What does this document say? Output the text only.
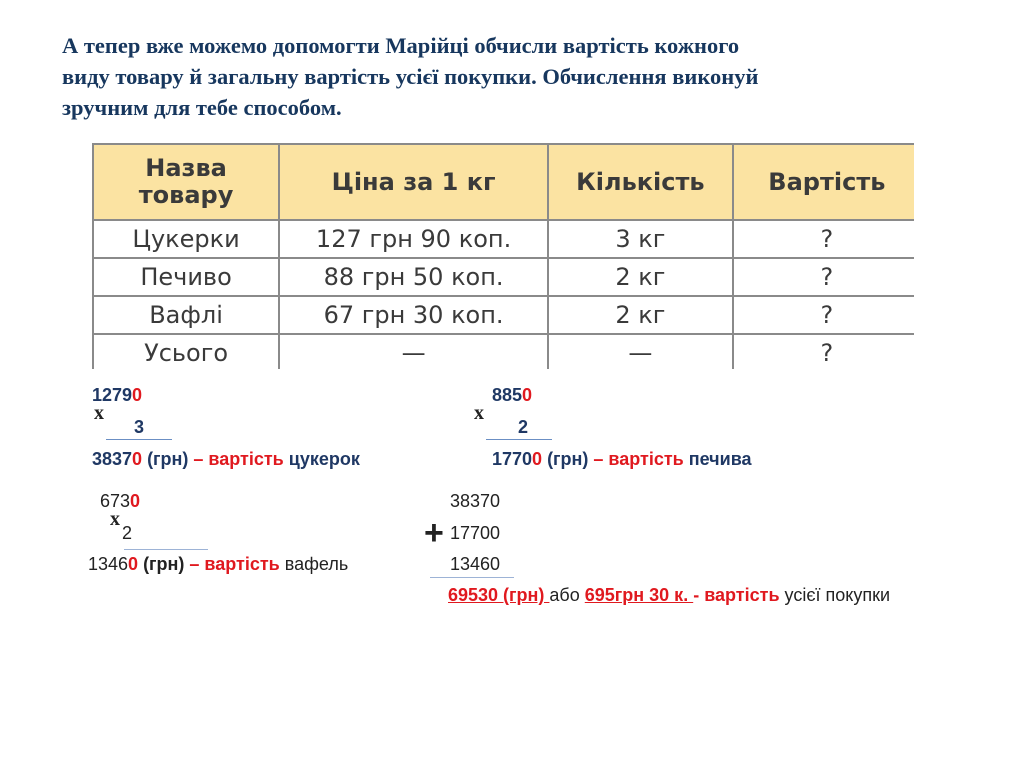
А тепер вже можемо допомогти Марійці обчисли вартість кожного
виду товару й загальну вартість усієї покупки. Обчислення виконуй
зручним для тебе способом.
Назва товару	Ціна за 1 кг	Кількість	Вартість
Цукерки	127 грн 90 коп.	3 кг	?
Печиво	88 грн 50 коп.	2 кг	?
Вафлі	67 грн 30 коп.	2 кг	?
Усього	—	—	?
12790
x
3
38370 (грн) – вартість цукерок
8850
x
2
17700 (грн) – вартість печива
6730
x
2
13460 (грн) – вартість вафель
38370
+ 17700
13460
69530 (грн) або 695грн 30 к. - вартість усієї покупки
